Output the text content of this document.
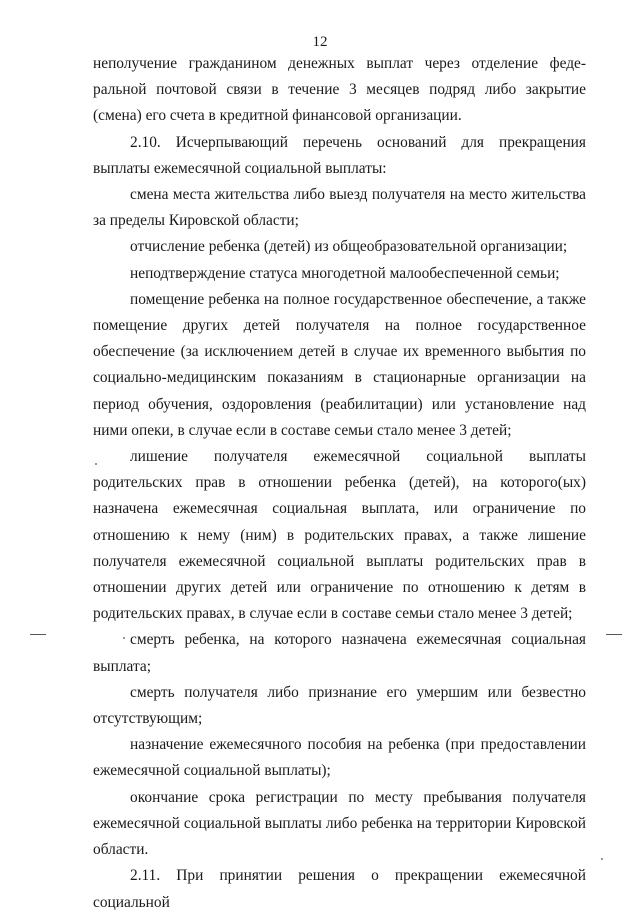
12

неполучение гражданином денежных выплат через отделение федеральной почтовой связи в течение 3 месяцев подряд либо закрытие (смена) его счета в кредитной финансовой организации.

2.10. Исчерпывающий перечень оснований для прекращения выплаты ежемесячной социальной выплаты:

смена места жительства либо выезд получателя на место жительства за пределы Кировской области;

отчисление ребенка (детей) из общеобразовательной организации;

неподтверждение статуса многодетной малообеспеченной семьи;

помещение ребенка на полное государственное обеспечение, а также помещение других детей получателя на полное государственное обеспечение (за исключением детей в случае их временного выбытия по социально-медицинским показаниям в стационарные организации на период обучения, оздоровления (реабилитации) или установление над ними опеки, в случае если в составе семьи стало менее 3 детей;

лишение получателя ежемесячной социальной выплаты родительских прав в отношении ребенка (детей), на которого(ых) назначена ежемесячная социальная выплата, или ограничение по отношению к нему (ним) в родительских правах, а также лишение получателя ежемесячной социальной выплаты родительских прав в отношении других детей или ограничение по отношению к детям в родительских правах, в случае если в составе семьи стало менее 3 детей;

смерть ребенка, на которого назначена ежемесячная социальная выплата;

смерть получателя либо признание его умершим или безвестно отсутствующим;

назначение ежемесячного пособия на ребенка (при предоставлении ежемесячной социальной выплаты);

окончание срока регистрации по месту пребывания получателя ежемесячной социальной выплаты либо ребенка на территории Кировской области.

2.11. При принятии решения о прекращении ежемесячной социальной
